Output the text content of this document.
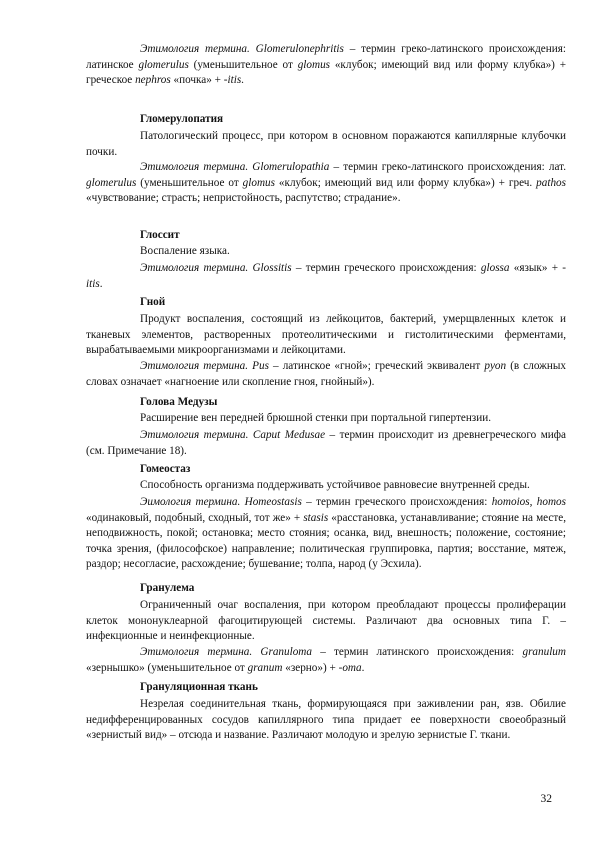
Этимология термина. Glomerulonephritis – термин греко-латинского происхождения: латинское glomerulus (уменьшительное от glomus «клубок; имеющий вид или форму клубка») + греческое nephros «почка» + -itis.

Гломерулопатия

Патологический процесс, при котором в основном поражаются капиллярные клубочки почки.

Этимология термина. Glomerulopathia – термин греко-латинского происхождения: лат. glomerulus (уменьшительное от glomus «клубок; имеющий вид или форму клубка») + греч. pathos «чувствование; страсть; непристойность, распутство; страдание».

Глоссит

Воспаление языка.

Этимология термина. Glossitis – термин греческого происхождения: glossa «язык» + -itis.

Гной

Продукт воспаления, состоящий из лейкоцитов, бактерий, умерщвленных клеток и тканевых элементов, растворенных протеолитическими и гистолитическими ферментами, вырабатываемыми микроорганизмами и лейкоцитами.

Этимология термина. Pus – латинское «гной»; греческий эквивалент pyon (в сложных словах означает «нагноение или скопление гноя, гнойный»).

Голова Медузы

Расширение вен передней брюшной стенки при портальной гипертензии.

Этимология термина. Caput Medusae – термин происходит из древнегреческого мифа (см. Примечание 18).

Гомеостаз

Способность организма поддерживать устойчивое равновесие внутренней среды.

Эимология термина. Homeostasis – термин греческого происхождения: homoios, homos «одинаковый, подобный, сходный, тот же» + stasis «расстановка, устанавливание; стояние на месте, неподвижность, покой; остановка; место стояния; осанка, вид, внешность; положение, состояние; точка зрения, (философское) направление; политическая группировка, партия; восстание, мятеж, раздор; несогласие, расхождение; бушевание; толпа, народ (у Эсхила).

Гранулема

Ограниченный очаг воспаления, при котором преобладают процессы пролиферации клеток мононуклеарной фагоцитирующей системы. Различают два основных типа Г. – инфекционные и неинфекционные.

Этимология термина. Granuloma – термин латинского происхождения: granulum «зернышко» (уменьшительное от granum «зерно») + -oma.

Грануляционная ткань

Незрелая соединительная ткань, формирующаяся при заживлении ран, язв. Обилие недифференцированных сосудов капиллярного типа придает ее поверхности своеобразный «зернистый вид» – отсюда и название. Различают молодую и зрелую зернистые Г. ткани.

32
